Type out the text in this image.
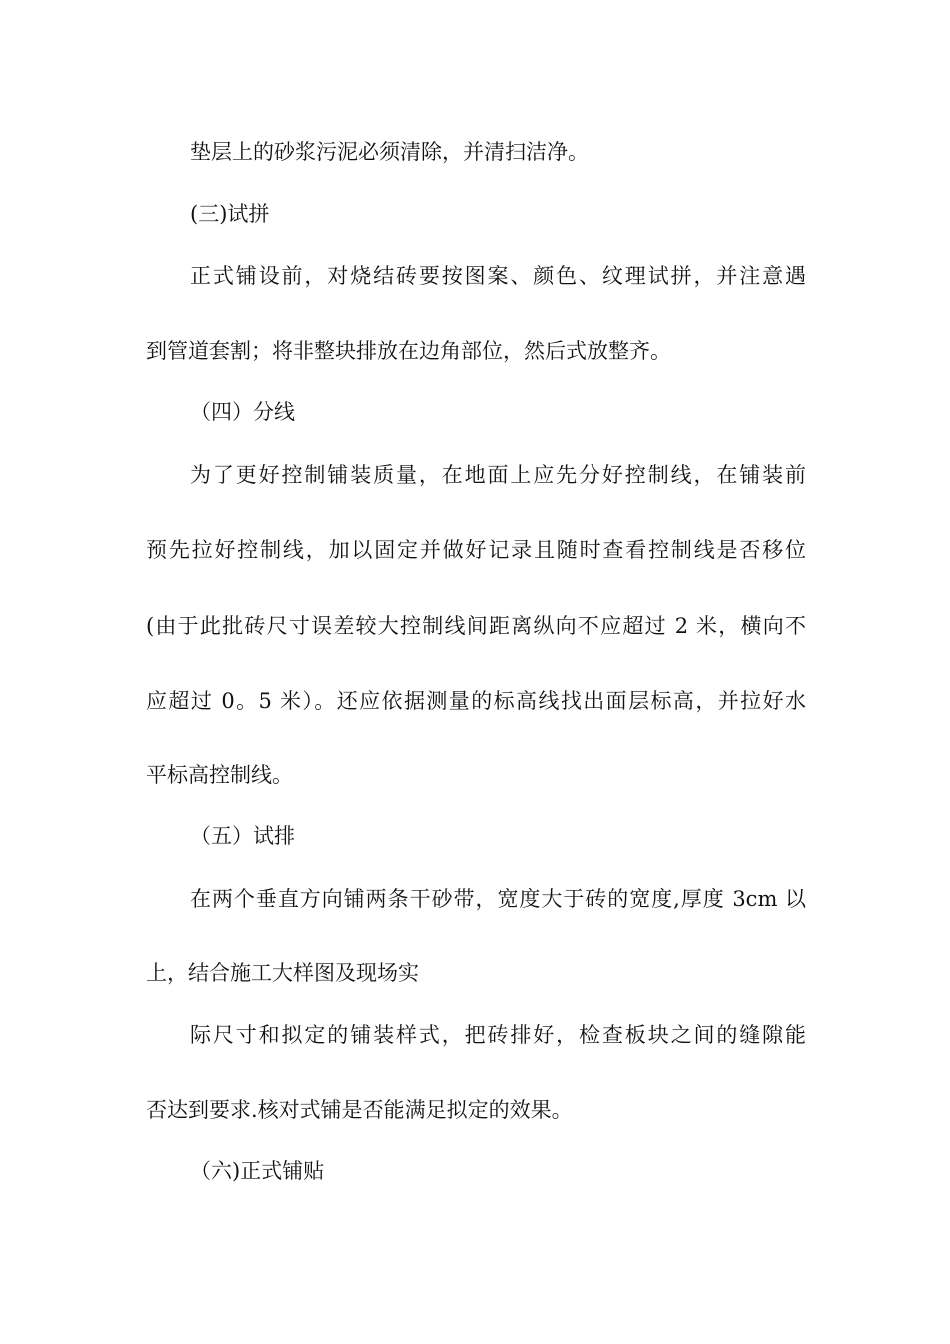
垫层上的砂浆污泥必须清除，并清扫洁净。
(三)试拼
正式铺设前，对烧结砖要按图案、颜色、纹理试拼，并注意遇
到管道套割；将非整块排放在边角部位，然后式放整齐。
（四）分线
为了更好控制铺装质量，在地面上应先分好控制线，在铺装前
预先拉好控制线，加以固定并做好记录且随时查看控制线是否移位
(由于此批砖尺寸误差较大控制线间距离纵向不应超过 2 米，横向不
应超过 0。5 米）。还应依据测量的标高线找出面层标高，并拉好水
平标高控制线。
（五）试排
在两个垂直方向铺两条干砂带，宽度大于砖的宽度,厚度 3cm 以
上，结合施工大样图及现场实
际尺寸和拟定的铺装样式，把砖排好，检查板块之间的缝隙能
否达到要求.核对式铺是否能满足拟定的效果。
（六)正式铺贴
